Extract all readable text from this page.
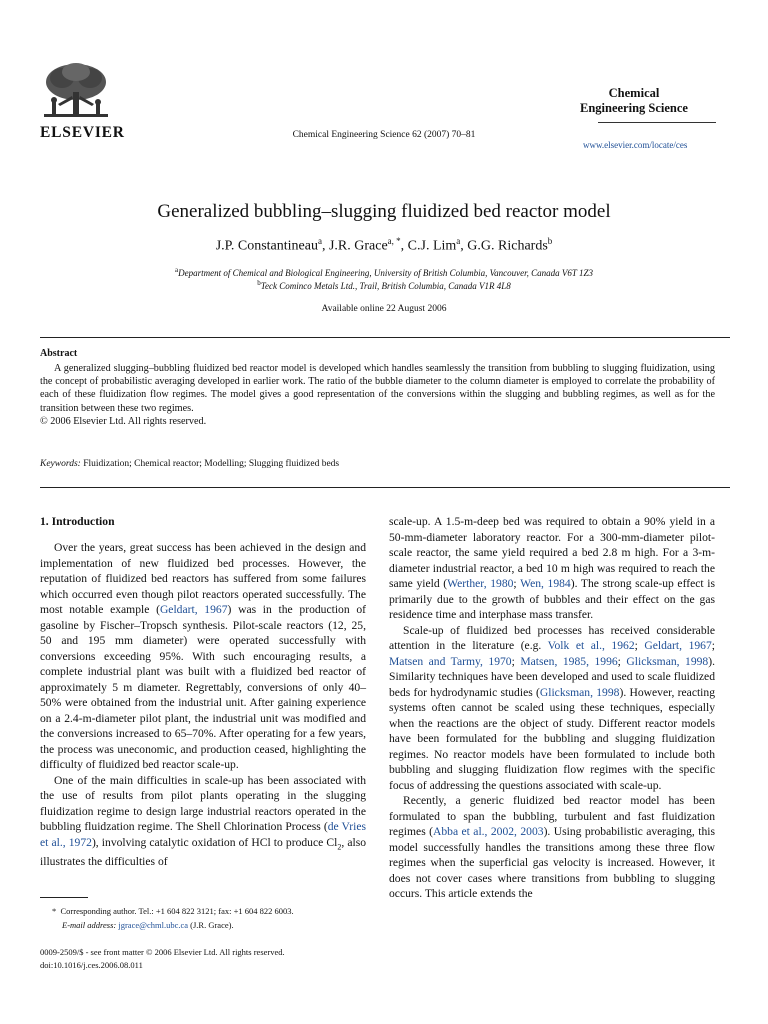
ELSEVIER	Chemical Engineering Science 62 (2007) 70–81
Chemical
Engineering Science
www.elsevier.com/locate/ces
Generalized bubbling–slugging fluidized bed reactor model
J.P. Constantineau$^a$, J.R. Grace$^{a, *}$, C.J. Lim$^a$, G.G. Richards$^b$
$^a$Department of Chemical and Biological Engineering, University of British Columbia, Vancouver, Canada V6T 1Z3
$^b$Teck Cominco Metals Ltd., Trail, British Columbia, Canada V1R 4L8
Available online 22 August 2006
Abstract
A generalized slugging–bubbling fluidized bed reactor model is developed which handles seamlessly the transition from bubbling to slugging fluidization, using the concept of probabilistic averaging developed in earlier work. The ratio of the bubble diameter to the column diameter is employed to correlate the probability of each of these fluidization flow regimes. The model gives a good representation of the conversions within the slugging and bubbling regimes, as well as for the transition between these two regimes.
© 2006 Elsevier Ltd. All rights reserved.
Keywords: Fluidization; Chemical reactor; Modelling; Slugging fluidized beds
1. Introduction

Over the years, great success has been achieved in the design and implementation of new fluidized bed processes. However, the reputation of fluidized bed reactors has suffered from some failures which occurred even though pilot reactors operated successfully. The most notable example (Geldart, 1967) was in the production of gasoline by Fischer–Tropsch synthesis. Pilot-scale reactors (12, 25, 50 and 195 mm diameter) were operated successfully with conversions exceeding 95%. With such encouraging results, a complete industrial plant was built with a fluidized bed reactor of approximately 5 m diameter. Regrettably, conversions of only 40–50% were obtained from the industrial unit. After gaining experience on a 2.4-m-diameter pilot plant, the industrial unit was modified and the conversions increased to 65–70%. After operating for a few years, the process was uneconomic, and production ceased, highlighting the difficulty of fluidized bed reactor scale-up.

One of the main difficulties in scale-up has been associated with the use of results from pilot plants operating in the slugging fluidization regime to design large industrial reactors operated in the bubbling fluidzation regime. The Shell Chlorination Process (de Vries et al., 1972), involving catalytic oxidation of HCl to produce $Cl_2$, also illustrates the difficulties of

scale-up. A 1.5-m-deep bed was required to obtain a 90% yield in a 50-mm-diameter laboratory reactor. For a 300-mm-diameter pilot-scale reactor, the same yield required a bed 2.8 m high. For a 3-m-diameter industrial reactor, a bed 10 m high was required to reach the same yield (Werther, 1980; Wen, 1984). The strong scale-up effect is primarily due to the growth of bubbles and their effect on the gas residence time and interphase mass transfer.

Scale-up of fluidized bed processes has received considerable attention in the literature (e.g. Volk et al., 1962; Geldart, 1967; Matsen and Tarmy, 1970; Matsen, 1985, 1996; Glicksman, 1998). Similarity techniques have been developed and used to scale fluidized beds for hydrodynamic studies (Glicksman, 1998). However, reacting systems often cannot be scaled using these techniques, especially when the reactions are the object of study. Different reactor models have been formulated for the bubbling and slugging fluidization regimes. No reactor models have been formulated to include both bubbling and slugging fluidization flow regimes with the specific focus of addressing the questions associated with scale-up.

Recently, a generic fluidized bed reactor model has been formulated to span the bubbling, turbulent and fast fluidization regimes (Abba et al., 2002, 2003). Using probabilistic averaging, this model successfully handles the transitions among these three flow regimes when the superficial gas velocity is increased. However, it does not cover cases where transitions from bubbling to slugging occurs. This article extends the

* Corresponding author. Tel.: +1 604 822 3121; fax: +1 604 822 6003.
E-mail address: jgrace@chml.ubc.ca (J.R. Grace).
0009-2509/$ - see front matter © 2006 Elsevier Ltd. All rights reserved.
doi:10.1016/j.ces.2006.08.011
